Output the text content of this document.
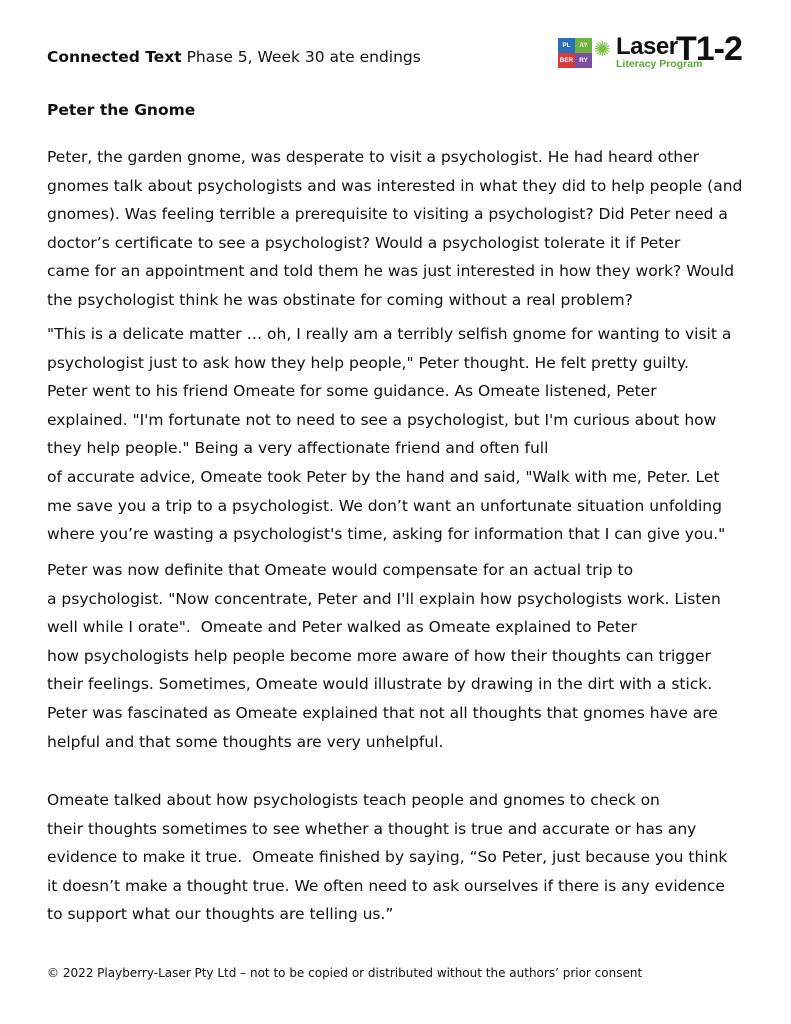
Connected Text Phase 5, Week 30 ate endings
PL	AY
BER RY ✺ Laser
Literacy Program
T1-2
Peter the Gnome
Peter, the garden gnome, was desperate to visit a psychologist. He had heard other
gnomes talk about psychologists and was interested in what they did to help people (and
gnomes). Was feeling terrible a prerequisite to visiting a psychologist? Did Peter need a
doctor’s certificate to see a psychologist? Would a psychologist tolerate it if Peter
came for an appointment and told them he was just interested in how they work? Would
the psychologist think he was obstinate for coming without a real problem?
"This is a delicate matter … oh, I really am a terribly selfish gnome for wanting to visit a
psychologist just to ask how they help people," Peter thought. He felt pretty guilty.
Peter went to his friend Omeate for some guidance. As Omeate listened, Peter
explained. "I'm fortunate not to need to see a psychologist, but I'm curious about how
they help people." Being a very affectionate friend and often full
of accurate advice, Omeate took Peter by the hand and said, "Walk with me, Peter. Let
me save you a trip to a psychologist. We don’t want an unfortunate situation unfolding
where you’re wasting a psychologist's time, asking for information that I can give you."
Peter was now definite that Omeate would compensate for an actual trip to
a psychologist. "Now concentrate, Peter and I'll explain how psychologists work. Listen
well while I orate".  Omeate and Peter walked as Omeate explained to Peter
how psychologists help people become more aware of how their thoughts can trigger
their feelings. Sometimes, Omeate would illustrate by drawing in the dirt with a stick.
Peter was fascinated as Omeate explained that not all thoughts that gnomes have are
helpful and that some thoughts are very unhelpful.
Omeate talked about how psychologists teach people and gnomes to check on
their thoughts sometimes to see whether a thought is true and accurate or has any
evidence to make it true.  Omeate finished by saying, “So Peter, just because you think
it doesn’t make a thought true. We often need to ask ourselves if there is any evidence
to support what our thoughts are telling us.”
© 2022 Playberry-Laser Pty Ltd – not to be copied or distributed without the authors’ prior consent
